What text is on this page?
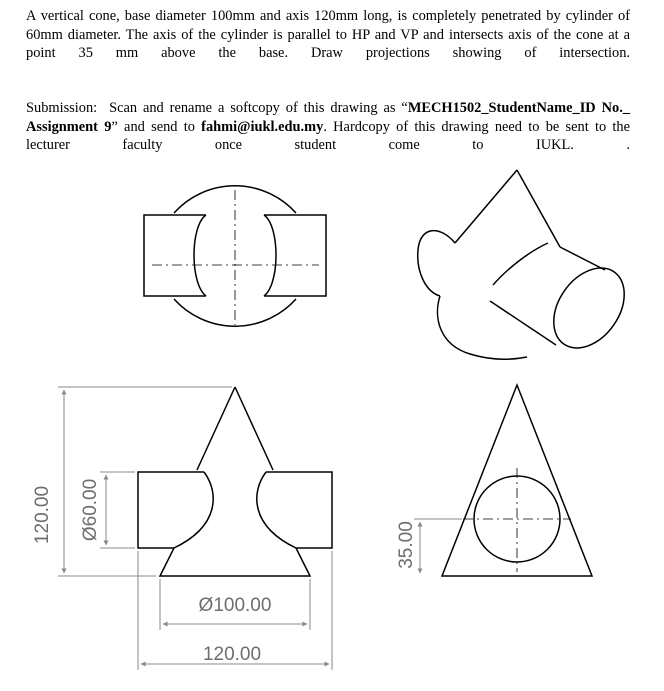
A vertical cone, base diameter 100mm and axis 120mm long, is completely penetrated by cylinder of 60mm diameter. The axis of the cylinder is parallel to HP and VP and intersects axis of the cone at a point 35 mm above the base. Draw projections showing of intersection.

Submission: Scan and rename a softcopy of this drawing as “MECH1502_StudentName_ID No._ Assignment 9” and send to fahmi@iukl.edu.my. Hardcopy of this drawing need to be sent to the lecturer faculty once student come to IUKL. .

120.00 Ø60.00
35.00
Ø100.00
120.00
